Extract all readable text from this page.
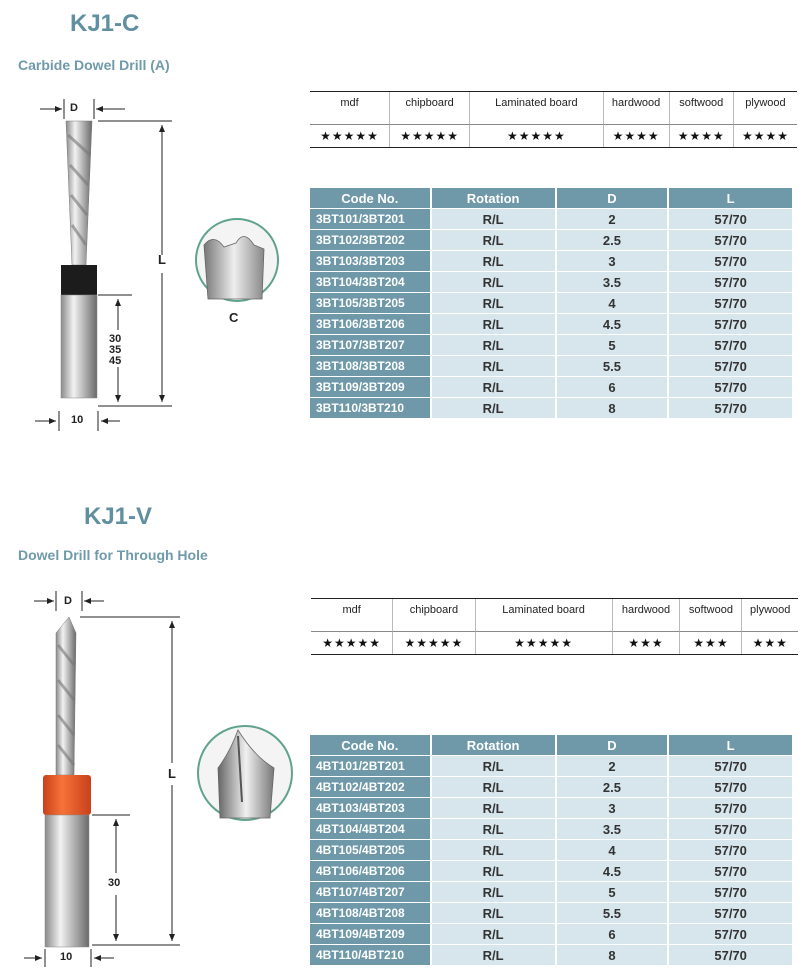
KJ1-C
Carbide Dowel Drill (A)
D
L
30
35
45
10
C
mdf	chipboard	Laminated board	hardwood	softwood	plywood
★★★★★	★★★★★	★★★★★	★★★★	★★★★	★★★★
Code No.	Rotation	D	L
3BT101/3BT201	R/L	2	57/70
3BT102/3BT202	R/L	2.5	57/70
3BT103/3BT203	R/L	3	57/70
3BT104/3BT204	R/L	3.5	57/70
3BT105/3BT205	R/L	4	57/70
3BT106/3BT206	R/L	4.5	57/70
3BT107/3BT207	R/L	5	57/70
3BT108/3BT208	R/L	5.5	57/70
3BT109/3BT209	R/L	6	57/70
3BT110/3BT210	R/L	8	57/70
KJ1-V
Dowel Drill for Through Hole
D
L
30
10
mdf	chipboard	Laminated board	hardwood	softwood	plywood
★★★★★	★★★★★	★★★★★	★★★	★★★	★★★
Code No.	Rotation	D	L
4BT101/2BT201	R/L	2	57/70
4BT102/4BT202	R/L	2.5	57/70
4BT103/4BT203	R/L	3	57/70
4BT104/4BT204	R/L	3.5	57/70
4BT105/4BT205	R/L	4	57/70
4BT106/4BT206	R/L	4.5	57/70
4BT107/4BT207	R/L	5	57/70
4BT108/4BT208	R/L	5.5	57/70
4BT109/4BT209	R/L	6	57/70
4BT110/4BT210	R/L	8	57/70
